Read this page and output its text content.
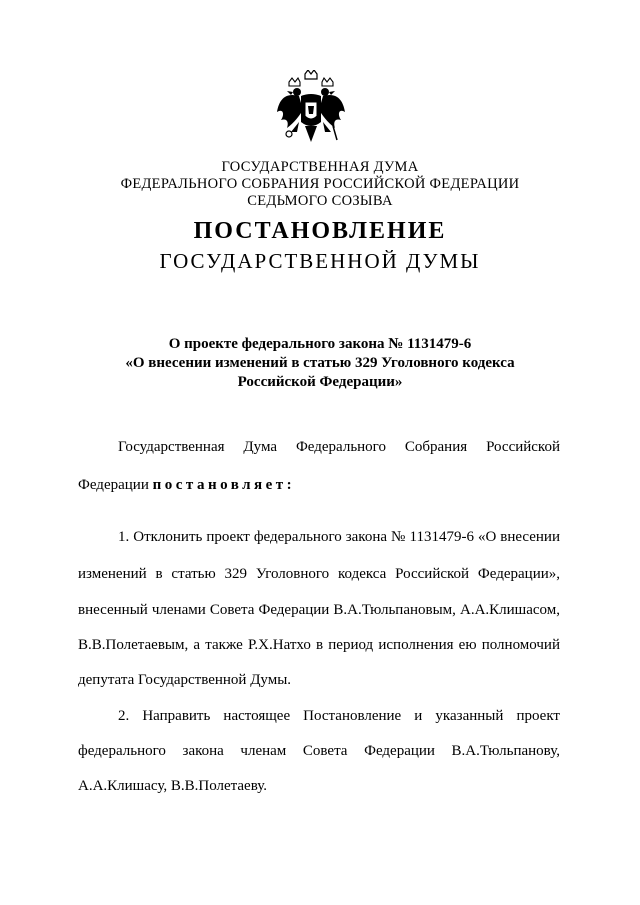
ГОСУДАРСТВЕННАЯ ДУМА
ФЕДЕРАЛЬНОГО СОБРАНИЯ РОССИЙСКОЙ ФЕДЕРАЦИИ
СЕДЬМОГО СОЗЫВА
ПОСТАНОВЛЕНИЕ
ГОСУДАРСТВЕННОЙ ДУМЫ
О проекте федерального закона № 1131479-6
«О внесении изменений в статью 329 Уголовного кодекса
Российской Федерации»
Государственная Дума Федерального Собрания Российской
Федерации постановляет:
1. Отклонить проект федерального закона № 1131479-6 «О внесении
изменений в статью 329 Уголовного кодекса Российской Федерации»,
внесенный членами Совета Федерации В.А.Тюльпановым, А.А.Клишасом,
В.В.Полетаевым, а также Р.Х.Натхо в период исполнения ею полномочий
депутата Государственной Думы.
2. Направить настоящее Постановление и указанный проект
федерального закона членам Совета Федерации В.А.Тюльпанову,
А.А.Клишасу, В.В.Полетаеву.
